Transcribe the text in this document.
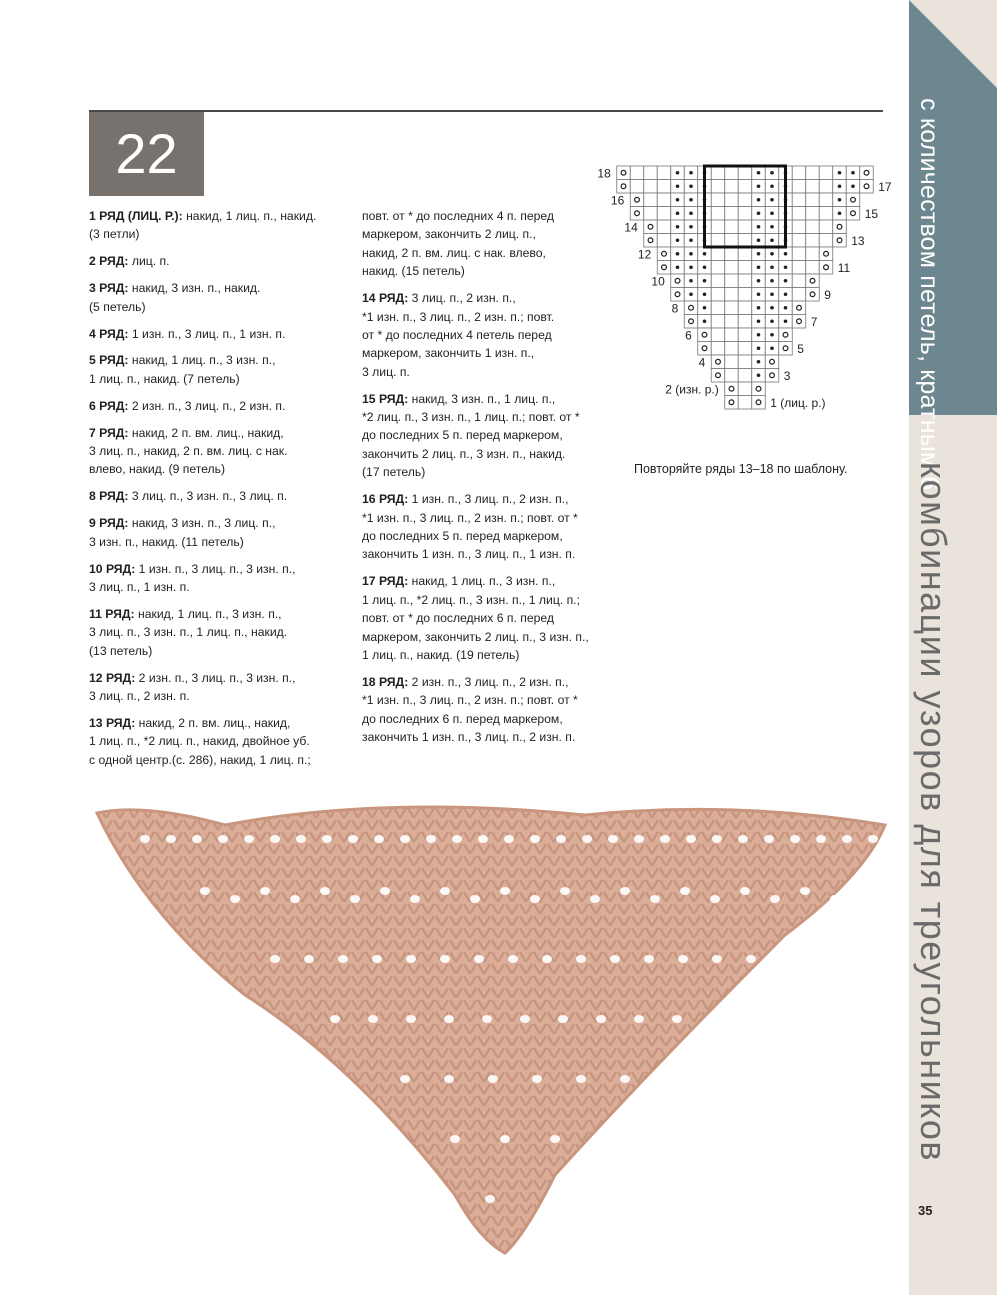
с количеством петель, кратным 6
комбинации узоров для треугольников
22

1 РЯД (ЛИЦ. Р.): накид, 1 лиц. п., накид.
(3 петли)

2 РЯД: лиц. п.

3 РЯД: накид, 3 изн. п., накид.
(5 петель)

4 РЯД: 1 изн. п., 3 лиц. п., 1 изн. п.

5 РЯД: накид, 1 лиц. п., 3 изн. п.,
1 лиц. п., накид. (7 петель)

6 РЯД: 2 изн. п., 3 лиц. п., 2 изн. п.

7 РЯД: накид, 2 п. вм. лиц., накид,
3 лиц. п., накид, 2 п. вм. лиц. с нак.
влево, накид. (9 петель)

8 РЯД: 3 лиц. п., 3 изн. п., 3 лиц. п.

9 РЯД: накид, 3 изн. п., 3 лиц. п.,
3 изн. п., накид. (11 петель)

10 РЯД: 1 изн. п., 3 лиц. п., 3 изн. п.,
3 лиц. п., 1 изн. п.

11 РЯД: накид, 1 лиц. п., 3 изн. п.,
3 лиц. п., 3 изн. п., 1 лиц. п., накид.
(13 петель)

12 РЯД: 2 изн. п., 3 лиц. п., 3 изн. п.,
3 лиц. п., 2 изн. п.

13 РЯД: накид, 2 п. вм. лиц., накид,
1 лиц. п., *2 лиц. п., накид, двойное уб.
с одной центр.(с. 286), накид, 1 лиц. п.;

повт. от * до последних 4 п. перед
маркером, закончить 2 лиц. п.,
накид, 2 п. вм. лиц. с нак. влево,
накид. (15 петель)

14 РЯД: 3 лиц. п., 2 изн. п.,
*1 изн. п., 3 лиц. п., 2 изн. п.; повт.
от * до последних 4 петель перед
маркером, закончить 1 изн. п.,
3 лиц. п.

15 РЯД: накид, 3 изн. п., 1 лиц. п.,
*2 лиц. п., 3 изн. п., 1 лиц. п.; повт. от *
до последних 5 п. перед маркером,
закончить 2 лиц. п., 3 изн. п., накид.
(17 петель)

16 РЯД: 1 изн. п., 3 лиц. п., 2 изн. п.,
*1 изн. п., 3 лиц. п., 2 изн. п.; повт. от *
до последних 5 п. перед маркером,
закончить 1 изн. п., 3 лиц. п., 1 изн. п.

17 РЯД: накид, 1 лиц. п., 3 изн. п.,
1 лиц. п., *2 лиц. п., 3 изн. п., 1 лиц. п.;
повт. от * до последних 6 п. перед
маркером, закончить 2 лиц. п., 3 изн. п.,
1 лиц. п., накид. (19 петель)

18 РЯД: 2 изн. п., 3 лиц. п., 2 изн. п.,
*1 изн. п., 3 лиц. п., 2 изн. п.; повт. от *
до последних 6 п. перед маркером,
закончить 1 изн. п., 3 лиц. п., 2 изн. п.

17
15
13
11
9
7
5
3
1 (лиц. р.)
18
16
14
12
10
8
6
4
2 (изн. р.)
Повторяйте ряды 13–18 по шаблону.
35
